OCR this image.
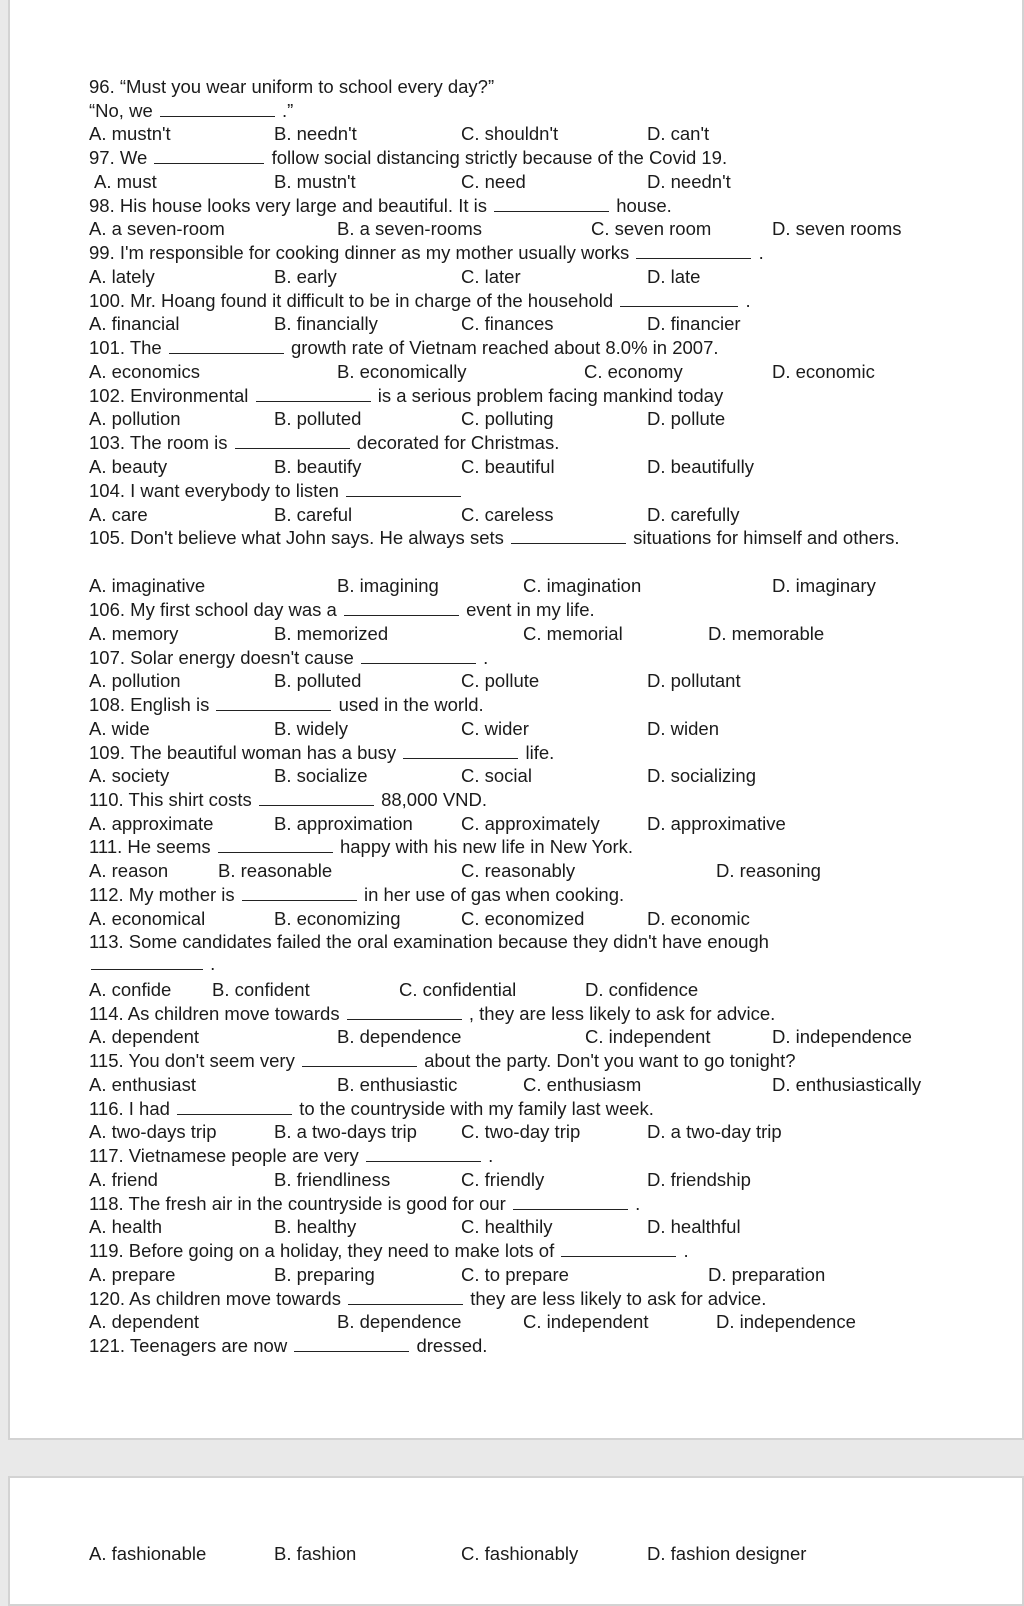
96. “Must you wear uniform to school every day?”
“No, we	.”
97. We	follow social distancing strictly because of the Covid 19.
98. His house looks very large and beautiful. It is	house.
99. I'm responsible for cooking dinner as my mother usually works	.
100. Mr. Hoang found it difficult to be in charge of the household	.
101. The	growth rate of Vietnam reached about 8.0% in 2007.
102. Environmental	is a serious problem facing mankind today
103. The room is	decorated for Christmas.
104. I want everybody to listen
105. Don't believe what John says. He always sets	situations for himself and others.
106. My first school day was a	event in my life.
107. Solar energy doesn't cause	.
108. English is	used in the world.
109. The beautiful woman has a busy	life.
110. This shirt costs	88,000 VND.
111. He seems	happy with his new life in New York.
112. My mother is	in her use of gas when cooking.
113. Some candidates failed the oral examination because they didn't have enough
.
114. As children move towards	, they are less likely to ask for advice.
115. You don't seem very	about the party. Don't you want to go tonight?
116. I had	to the countryside with my family last week.
117. Vietnamese people are very	.
118. The fresh air in the countryside is good for our	.
119. Before going on a holiday, they need to make lots of	.
120. As children move towards	they are less likely to ask for advice.
121. Teenagers are now	dressed.
A. mustn't	B. needn't	C. shouldn't	D. can't
A. must	B. mustn't	C. need	D. needn't
A. a seven-room	B. a seven-rooms	C. seven room	D. seven rooms
A. lately	B. early	C. later	D. late
A. financial	B. financially	C. finances	D. financier
A. economics	B. economically	C. economy	D. economic
A. pollution	B. polluted	C. polluting	D. pollute
A. beauty	B. beautify	C. beautiful	D. beautifully
A. care	B. careful	C. careless	D. carefully
A. imaginative	B. imagining	C. imagination	D. imaginary
A. memory	B. memorized	C. memorial	D. memorable
A. pollution	B. polluted	C. pollute	D. pollutant
A. wide	B. widely	C. wider	D. widen
A. society	B. socialize	C. social	D. socializing
A. approximate	B. approximation	C. approximately	D. approximative
A. reason	B. reasonable	C. reasonably	D. reasoning
A. economical	B. economizing	C. economized	D. economic
A. confide B. confident	C. confidential	D. confidence
A. dependent	B. dependence	C. independent	D. independence
A. enthusiast	B. enthusiastic	C. enthusiasm	D. enthusiastically
A. two-days trip	B. a two-days trip C. two-day trip	D. a two-day trip
A. friend	B. friendliness	C. friendly	D. friendship
A. health	B. healthy	C. healthily	D. healthful
A. prepare	B. preparing	C. to prepare	D. preparation
A. dependent	B. dependence	C. independent	D. independence
A. fashionable	B. fashion	C. fashionably	D. fashion designer
